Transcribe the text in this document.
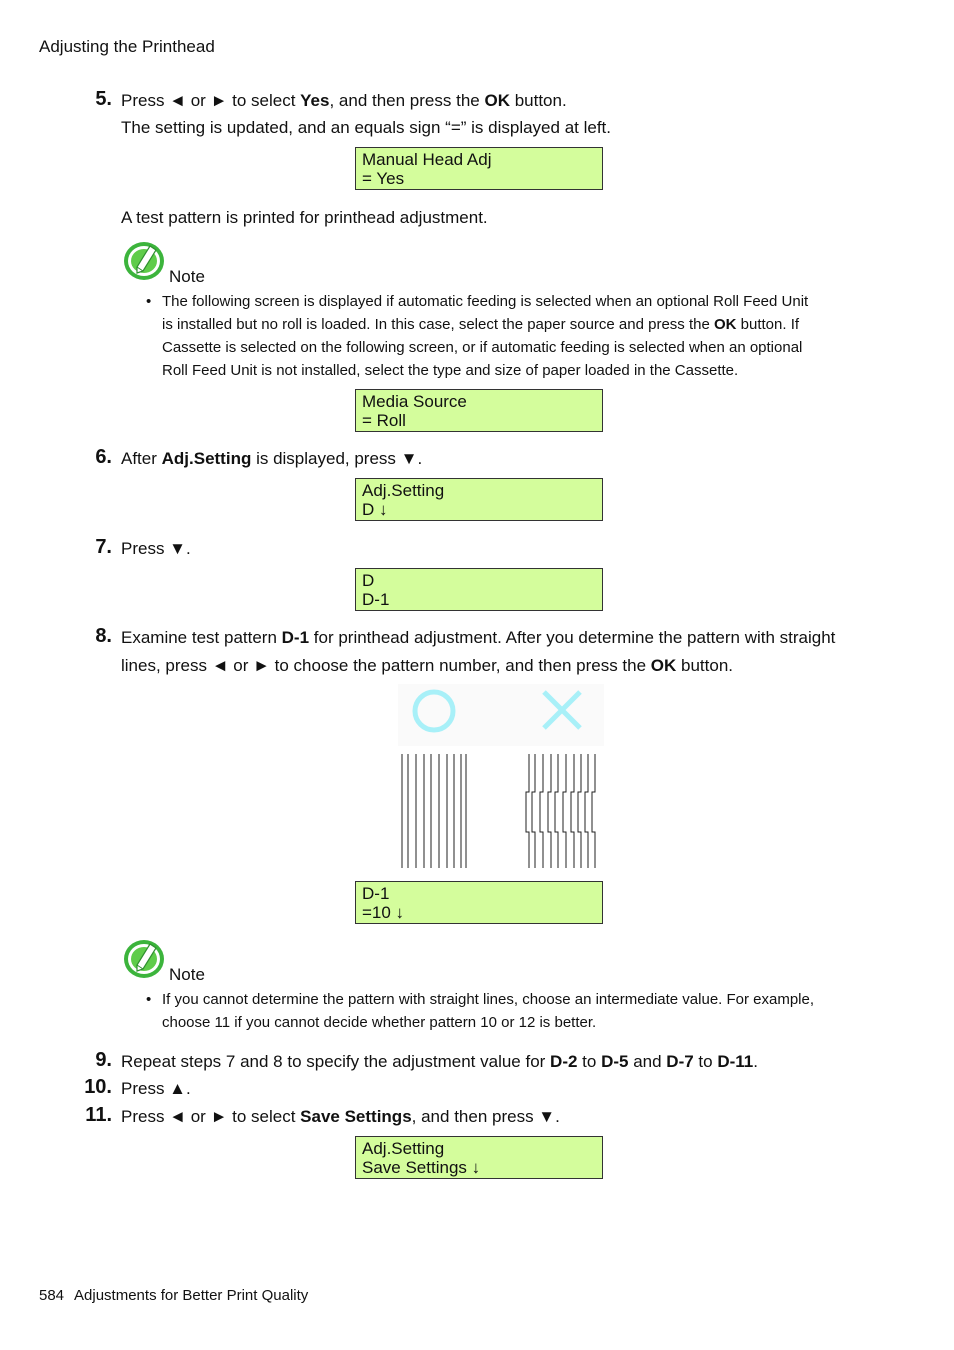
Adjusting the Printhead
5. Press ◄ or ► to select Yes, and then press the OK button.
The setting is updated, and an equals sign “=” is displayed at left.
Manual Head Adj
= Yes
A test pattern is printed for printhead adjustment.
Note
• The following screen is displayed if automatic feeding is selected when an optional Roll Feed Unit
is installed but no roll is loaded. In this case, select the paper source and press the OK button. If
Cassette is selected on the following screen, or if automatic feeding is selected when an optional
Roll Feed Unit is not installed, select the type and size of paper loaded in the Cassette.
Media Source
= Roll
6. After Adj.Setting is displayed, press ▼.
Adj.Setting
D ↓
7. Press ▼.
D
D-1
8. Examine test pattern D-1 for printhead adjustment. After you determine the pattern with straight
lines, press ◄ or ► to choose the pattern number, and then press the OK button.
D-1
=10 ↓
Note
• If you cannot determine the pattern with straight lines, choose an intermediate value. For example,
choose 11 if you cannot decide whether pattern 10 or 12 is better.
9. Repeat steps 7 and 8 to specify the adjustment value for D-2 to D-5 and D-7 to D-11.
10. Press ▲.
11. Press ◄ or ► to select Save Settings, and then press ▼.
Adj.Setting
Save Settings ↓
584 Adjustments for Better Print Quality
